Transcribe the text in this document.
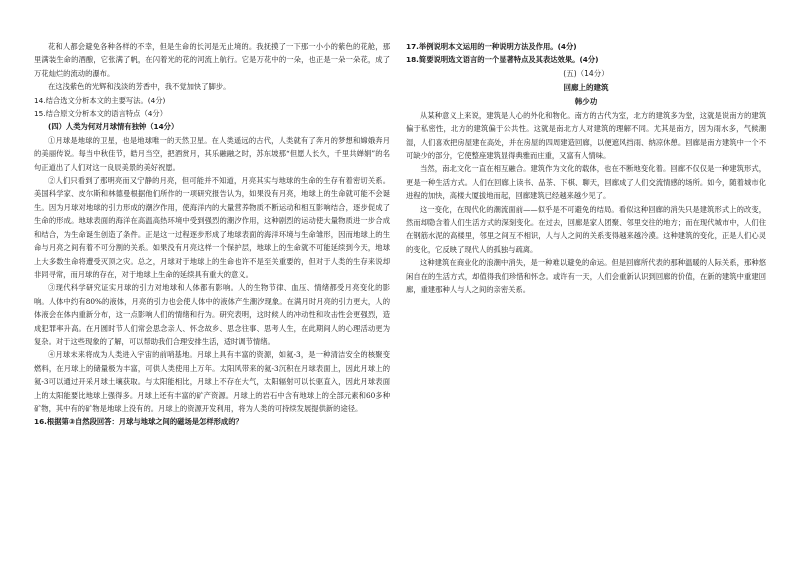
花和人都会避免各种各样的不幸，但是生命的长河是无止境的。我抚摸了一下那一小小的紫色的花舱，那里满装生命的酒酿，它张满了帆，在闪着光的花的河流上航行。它是万花中的一朵，也正是一朵一朵花，成了万花灿烂的流动的瀑布。

在这浅紫色的光辉和浅淡的芳香中，我不觉加快了脚步。

14.结合选文分析本文的主要写法。(4分)

15.结合原文分析本文的语言特点（4分）

(四）人类为何对月球情有独钟（14分）

①月球是地球的卫星，也是地球唯一的天然卫星。在人类遥远的古代，人类就有了奔月的梦想和嫦娥奔月的美丽传说。每当中秋佳节，皓月当空，把酒赏月，其乐融融之时，苏东坡那“但愿人长久，千里共婵娟”的名句正道出了人们对这一良辰美景的美好祝愿。

②人们只看到了那明亮而又宁静的月亮，但可能并不知道，月亮其实与地球的生命的生存有着密切关系。美国科学家、皮尔斯和林德曼根据他们所作的一项研究报告认为，如果没有月亮，地球上的生命就可能不会诞生。因为月球对地球的引力形成的潮汐作用，使海洋内的大量营养物质不断运动和相互影响结合，逐步促成了生命的形成。地球表面的海洋在高温高热环境中受到强烈的潮汐作用，这种剧烈的运动使大量物质进一步合成和结合，为生命诞生创造了条件。正是这一过程逐步形成了地球表面的海洋环境与生命雏形，因而地球上的生命与月亮之间有着不可分割的关系。如果没有月亮这样一个保护层，地球上的生命就不可能延续到今天，地球上大多数生命将遭受灭顶之灾。总之，月球对于地球上的生命也许不是至关重要的，但对于人类的生存来说却非同寻常，而月球的存在，对于地球上生命的延续具有重大的意义。

③现代科学研究证实月球的引力对地球和人体都有影响。人的生物节律、血压、情绪都受月亮变化的影响。人体中约有80%的液体，月亮的引力也会使人体中的液体产生潮汐现象。在满月时月亮的引力更大，人的体液会在体内重新分布，这一点影响人们的情绪和行为。研究表明，这时候人的冲动性和攻击性会更强烈，造成犯罪率升高。在月圆时节人们常会思念亲人、怀念故乡、思念往事、思考人生，在此期间人的心理活动更为复杂。对于这些现象的了解，可以帮助我们合理安排生活，适时调节情绪。

④月球未来将成为人类进入宇宙的前哨基地。月球上具有丰富的资源，如氦-3，是一种清洁安全的核聚变燃料，在月球上的储量极为丰富，可供人类使用上万年。太阳风带来的氦-3沉积在月球表面上，因此月球上的氦-3可以通过开采月球土壤获取。与太阳能相比，月球上不存在大气，太阳辐射可以长驱直入，因此月球表面上的太阳能要比地球上强得多。月球上还有丰富的矿产资源。月球上的岩石中含有地球上的全部元素和60多种矿物，其中有的矿物是地球上没有的。月球上的资源开发利用，将为人类的可持续发展提供新的途径。

16.根据第③自然段回答：月球与地球之间的磁场是怎样形成的？

17.举例说明本文运用的一种说明方法及作用。(4分)

18.简要说明选文语言的一个显著特点及其表达效果。(4分)

(五)（14分）

回廊上的建筑

韩少功

从某种意义上来说，建筑是人心的外化和物化。南方的古代为室，北方的建筑多为堂，这就是说南方的建筑偏于私密性，北方的建筑偏于公共性。这就是南北方人对建筑的理解不同。尤其是南方，因为雨水多，气候潮湿，人们喜欢把房屋建在高处，并在房屋的四周建造回廊，以便遮风挡雨、纳凉休憩。回廊是南方建筑中一个不可缺少的部分，它使整座建筑显得典雅而庄重，又富有人情味。

当然，南北文化一直在相互融合。建筑作为文化的载体，也在不断地变化着。回廊不仅仅是一种建筑形式，更是一种生活方式。人们在回廊上读书、品茶、下棋、聊天，回廊成了人们交流情感的场所。如今，随着城市化进程的加快，高楼大厦拔地而起，回廊建筑已经越来越少见了。

这一变化，在现代化的潮流面前——似乎是不可避免的结局。看似这种回廊的消失只是建筑形式上的改变，然而却隐含着人们生活方式的深刻变化。在过去，回廊是家人团聚、邻里交往的地方；而在现代城市中，人们住在钢筋水泥的高楼里，邻里之间互不相识，人与人之间的关系变得越来越冷漠。这种建筑的变化，正是人们心灵的变化，它反映了现代人的孤独与疏离。

这种建筑在商业化的浪潮中消失，是一种难以避免的命运。但是回廊所代表的那种温暖的人际关系，那种悠闲自在的生活方式，却值得我们珍惜和怀念。或许有一天，人们会重新认识到回廊的价值，在新的建筑中重建回廊，重建那种人与人之间的亲密关系。
